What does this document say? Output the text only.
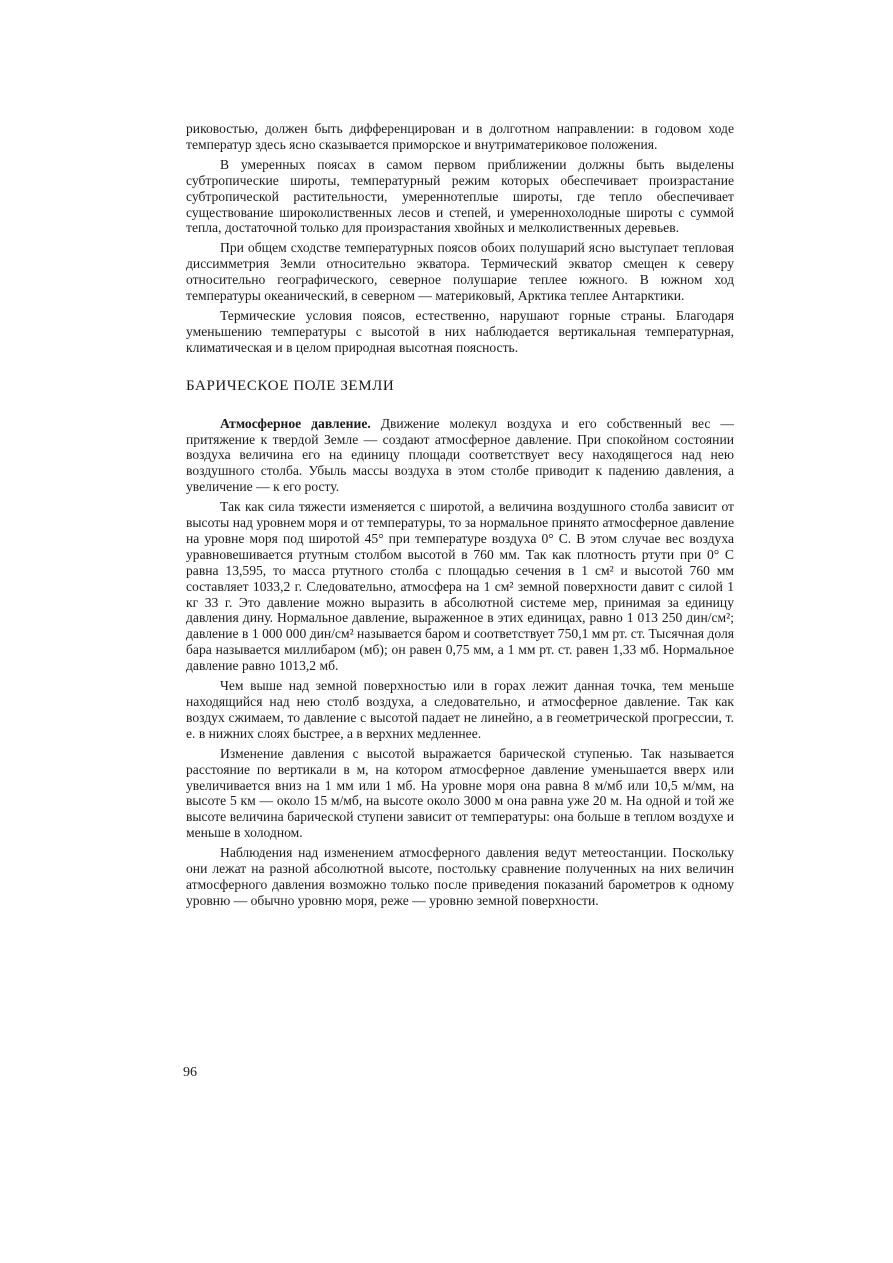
риковостью, должен быть дифференцирован и в долготном направлении: в годовом ходе температур здесь ясно сказывается приморское и внутриматериковое положения.

В умеренных поясах в самом первом приближении должны быть выделены субтропические широты, температурный режим которых обеспечивает произрастание субтропической растительности, умереннотеплые широты, где тепло обеспечивает существование широколиственных лесов и степей, и умереннохолодные широты с суммой тепла, достаточной только для произрастания хвойных и мелколиственных деревьев.

При общем сходстве температурных поясов обоих полушарий ясно выступает тепловая диссимметрия Земли относительно экватора. Термический экватор смещен к северу относительно географического, северное полушарие теплее южного. В южном ход температуры океанический, в северном — материковый, Арктика теплее Антарктики.

Термические условия поясов, естественно, нарушают горные страны. Благодаря уменьшению температуры с высотой в них наблюдается вертикальная температурная, климатическая и в целом природная высотная поясность.

БАРИЧЕСКОЕ ПОЛЕ ЗЕМЛИ

Атмосферное давление. Движение молекул воздуха и его собственный вес — притяжение к твердой Земле — создают атмосферное давление. При спокойном состоянии воздуха величина его на единицу площади соответствует весу находящегося над нею воздушного столба. Убыль массы воздуха в этом столбе приводит к падению давления, а увеличение — к его росту.

Так как сила тяжести изменяется с широтой, а величина воздушного столба зависит от высоты над уровнем моря и от температуры, то за нормальное принято атмосферное давление на уровне моря под широтой 45° при температуре воздуха 0° С. В этом случае вес воздуха уравновешивается ртутным столбом высотой в 760 мм. Так как плотность ртути при 0° С равна 13,595, то масса ртутного столба с площадью сечения в 1 см² и высотой 760 мм составляет 1033,2 г. Следовательно, атмосфера на 1 см² земной поверхности давит с силой 1 кг 33 г. Это давление можно выразить в абсолютной системе мер, принимая за единицу давления дину. Нормальное давление, выраженное в этих единицах, равно 1 013 250 дин/см²; давление в 1 000 000 дин/см² называется баром и соответствует 750,1 мм рт. ст. Тысячная доля бара называется миллибаром (мб); он равен 0,75 мм, а 1 мм рт. ст. равен 1,33 мб. Нормальное давление равно 1013,2 мб.

Чем выше над земной поверхностью или в горах лежит данная точка, тем меньше находящийся над нею столб воздуха, а следовательно, и атмосферное давление. Так как воздух сжимаем, то давление с высотой падает не линейно, а в геометрической прогрессии, т. е. в нижних слоях быстрее, а в верхних медленнее.

Изменение давления с высотой выражается барической ступенью. Так называется расстояние по вертикали в м, на котором атмосферное давление уменьшается вверх или увеличивается вниз на 1 мм или 1 мб. На уровне моря она равна 8 м/мб или 10,5 м/мм, на высоте 5 км — около 15 м/мб, на высоте около 3000 м она равна уже 20 м. На одной и той же высоте величина барической ступени зависит от температуры: она больше в теплом воздухе и меньше в холодном.

Наблюдения над изменением атмосферного давления ведут метеостанции. Поскольку они лежат на разной абсолютной высоте, постольку сравнение полученных на них величин атмосферного давления возможно только после приведения показаний барометров к одному уровню — обычно уровню моря, реже — уровню земной поверхности.

96
